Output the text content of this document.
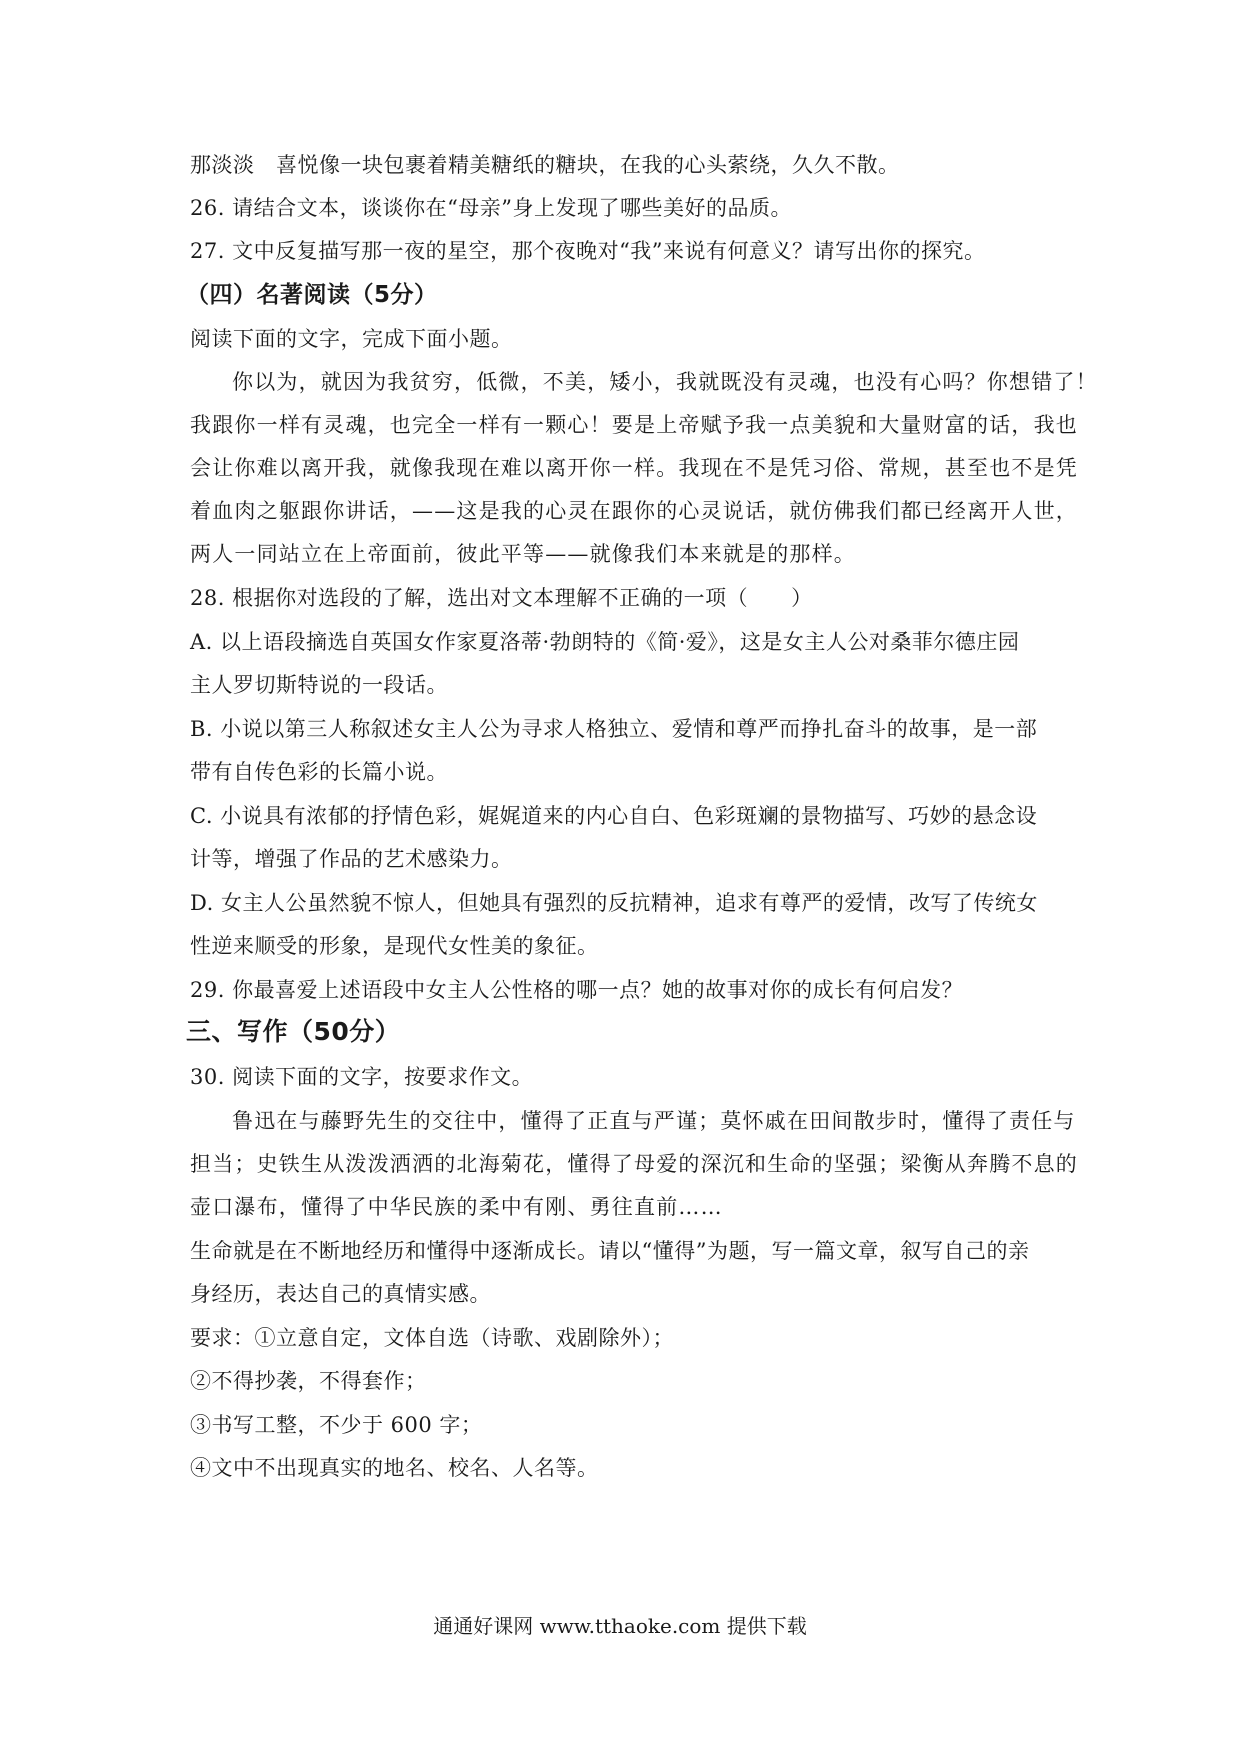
那淡淡　喜悦像一块包裹着精美糖纸的糖块，在我的心头萦绕，久久不散。
26. 请结合文本，谈谈你在“母亲”身上发现了哪些美好的品质。
27. 文中反复描写那一夜的星空，那个夜晚对“我”来说有何意义？请写出你的探究。
（四）名著阅读（5分）
阅读下面的文字，完成下面小题。
你以为，就因为我贫穷，低微，不美，矮小，我就既没有灵魂，也没有心吗？你想错了！
我跟你一样有灵魂，也完全一样有一颗心！要是上帝赋予我一点美貌和大量财富的话，我也
会让你难以离开我，就像我现在难以离开你一样。我现在不是凭习俗、常规，甚至也不是凭
着血肉之躯跟你讲话，——这是我的心灵在跟你的心灵说话，就仿佛我们都已经离开人世，
两人一同站立在上帝面前，彼此平等——就像我们本来就是的那样。
28. 根据你对选段的了解，选出对文本理解不正确的一项（　　）
A. 以上语段摘选自英国女作家夏洛蒂·勃朗特的《简·爱》，这是女主人公对桑菲尔德庄园
主人罗切斯特说的一段话。
B. 小说以第三人称叙述女主人公为寻求人格独立、爱情和尊严而挣扎奋斗的故事，是一部
带有自传色彩的长篇小说。
C. 小说具有浓郁的抒情色彩，娓娓道来的内心自白、色彩斑斓的景物描写、巧妙的悬念设
计等，增强了作品的艺术感染力。
D. 女主人公虽然貌不惊人，但她具有强烈的反抗精神，追求有尊严的爱情，改写了传统女
性逆来顺受的形象，是现代女性美的象征。
29. 你最喜爱上述语段中女主人公性格的哪一点？她的故事对你的成长有何启发？
三、写作（50分）
30. 阅读下面的文字，按要求作文。
鲁迅在与藤野先生的交往中，懂得了正直与严谨；莫怀戚在田间散步时，懂得了责任与
担当；史铁生从泼泼洒洒的北海菊花，懂得了母爱的深沉和生命的坚强；梁衡从奔腾不息的
壶口瀑布，懂得了中华民族的柔中有刚、勇往直前……
生命就是在不断地经历和懂得中逐渐成长。请以“懂得”为题，写一篇文章，叙写自己的亲
身经历，表达自己的真情实感。
要求：①立意自定，文体自选（诗歌、戏剧除外）；
②不得抄袭，不得套作；
③书写工整，不少于 600 字；
④文中不出现真实的地名、校名、人名等。
通通好课网 www.tthaoke.com 提供下载
